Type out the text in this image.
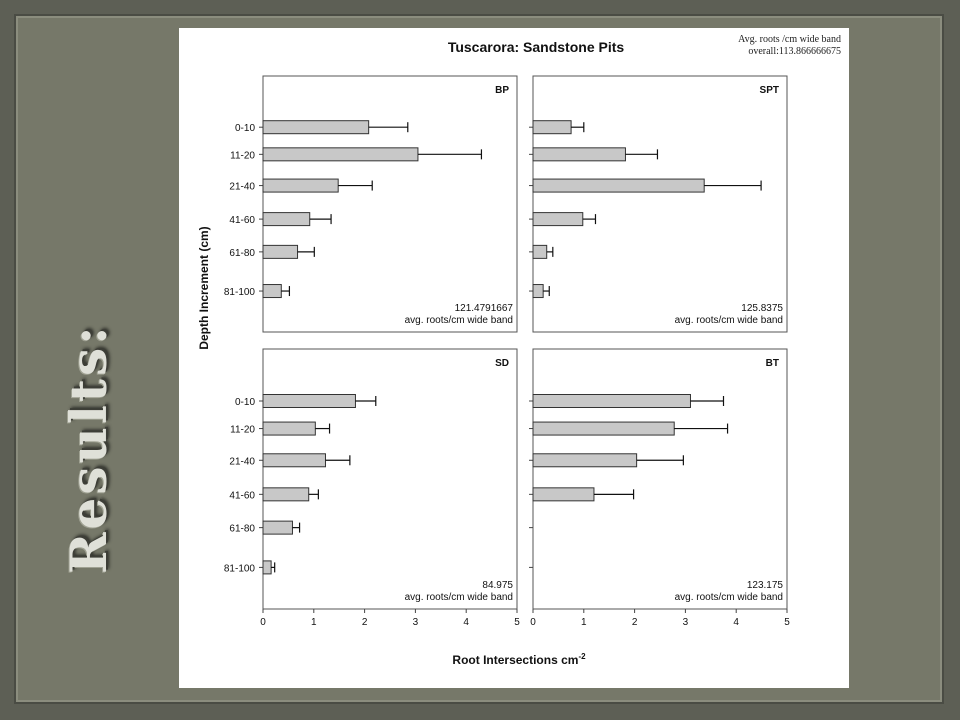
Results:
Tuscarora: Sandstone Pits
Depth Increment (cm)
Root Intersections $cm^{-2}$
BP
0-10
11-20
21-40
41-60
61-80
81-100
121.4791667
avg. roots/cm wide band
SPT
125.8375
avg. roots/cm wide band
SD
0-10
11-20
21-40
41-60
61-80
81-100
0	1	2	3	4	5
84.975
avg. roots/cm wide band
BT
0	1	2	3	4	5
123.175
avg. roots/cm wide band
Avg. roots /cm wide band
overall:113.866666675
